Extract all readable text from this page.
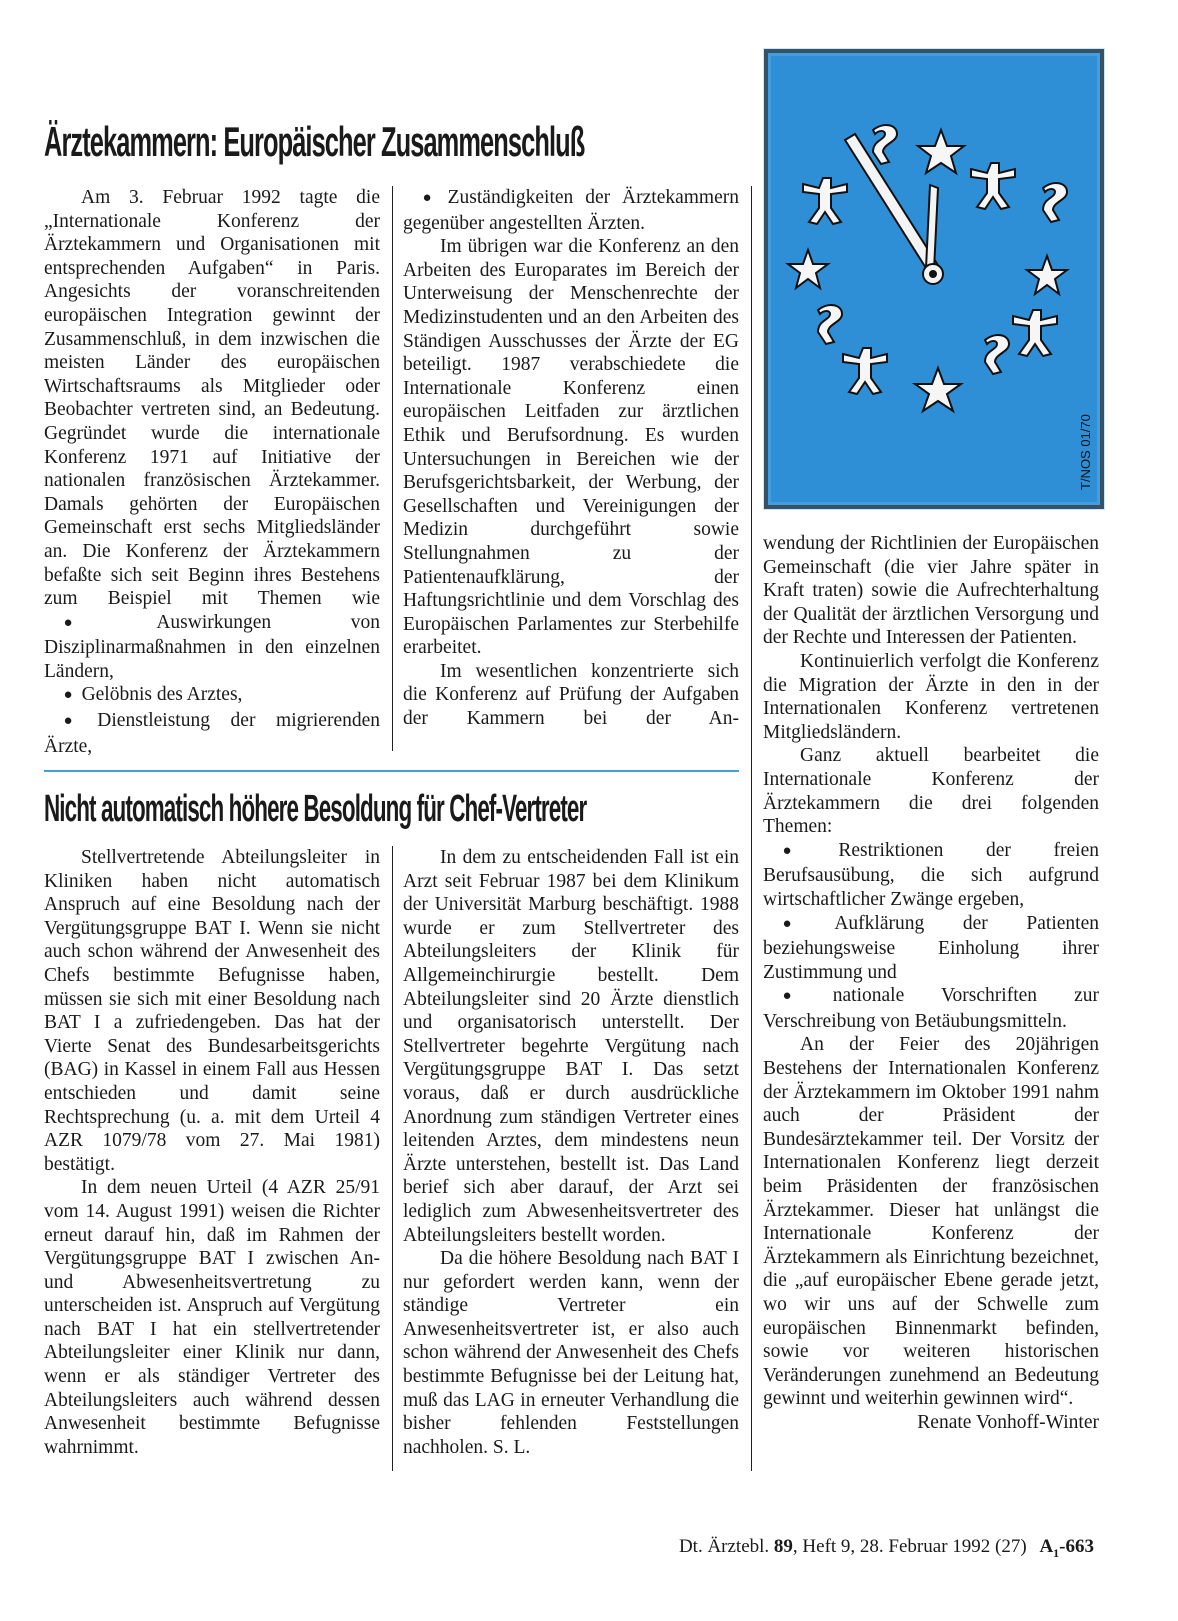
T/NOS 01/70
Ärztekammern: Europäischer Zusammenschluß

Am 3. Februar 1992 tagte die „Internationale Konferenz der Ärztekammern und Organisationen mit entsprechenden Aufgaben“ in Paris. Angesichts der voranschreitenden europäischen Integration gewinnt der Zusammenschluß, in dem inzwischen die meisten Länder des europäischen Wirtschaftsraums als Mitglieder oder Beobachter vertreten sind, an Bedeutung. Gegründet wurde die internationale Konferenz 1971 auf Initiative der nationalen französischen Ärztekammer. Damals gehörten der Europäischen Gemeinschaft erst sechs Mitgliedsländer an. Die Konferenz der Ärztekammern befaßte sich seit Beginn ihres Bestehens zum Beispiel mit Themen wie

● Auswirkungen von Disziplinarmaßnahmen in den einzelnen Ländern,

● Gelöbnis des Arztes,

● Dienstleistung der migrierenden Ärzte,

● Zuständigkeiten der Ärztekammern gegenüber angestellten Ärzten.

Im übrigen war die Konferenz an den Arbeiten des Europarates im Bereich der Unterweisung der Menschenrechte der Medizinstudenten und an den Arbeiten des Ständigen Ausschusses der Ärzte der EG beteiligt. 1987 verabschiedete die Internationale Konferenz einen europäischen Leitfaden zur ärztlichen Ethik und Berufsordnung. Es wurden Untersuchungen in Bereichen wie der Berufsgerichtsbarkeit, der Werbung, der Gesellschaften und Vereinigungen der Medizin durchgeführt sowie Stellungnahmen zu der Patientenaufklärung, der Haftungsrichtlinie und dem Vorschlag des Europäischen Parlamentes zur Sterbehilfe erarbeitet.

Im wesentlichen konzentrierte sich die Konferenz auf Prüfung der Aufgaben der Kammern bei der An-

wendung der Richtlinien der Europäischen Gemeinschaft (die vier Jahre später in Kraft traten) sowie die Aufrechterhaltung der Qualität der ärztlichen Versorgung und der Rechte und Interessen der Patienten.

Kontinuierlich verfolgt die Konferenz die Migration der Ärzte in den in der Internationalen Konferenz vertretenen Mitgliedsländern.

Ganz aktuell bearbeitet die Internationale Konferenz der Ärztekammern die drei folgenden Themen:

● Restriktionen der freien Berufsausübung, die sich aufgrund wirtschaftlicher Zwänge ergeben,

● Aufklärung der Patienten beziehungsweise Einholung ihrer Zustimmung und

● nationale Vorschriften zur Verschreibung von Betäubungsmitteln.

An der Feier des 20jährigen Bestehens der Internationalen Konferenz der Ärztekammern im Oktober 1991 nahm auch der Präsident der Bundesärztekammer teil. Der Vorsitz der Internationalen Konferenz liegt derzeit beim Präsidenten der französischen Ärztekammer. Dieser hat unlängst die Internationale Konferenz der Ärztekammern als Einrichtung bezeichnet, die „auf europäischer Ebene gerade jetzt, wo wir uns auf der Schwelle zum europäischen Binnenmarkt befinden, sowie vor weiteren historischen Veränderungen zunehmend an Bedeutung gewinnt und weiterhin gewinnen wird“.

Renate Vonhoff-Winter

Nicht automatisch höhere Besoldung für Chef-Vertreter

Stellvertretende Abteilungsleiter in Kliniken haben nicht automatisch Anspruch auf eine Besoldung nach der Vergütungsgruppe BAT I. Wenn sie nicht auch schon während der Anwesenheit des Chefs bestimmte Befugnisse haben, müssen sie sich mit einer Besoldung nach BAT I a zufriedengeben. Das hat der Vierte Senat des Bundesarbeitsgerichts (BAG) in Kassel in einem Fall aus Hessen entschieden und damit seine Rechtsprechung (u. a. mit dem Urteil 4 AZR 1079/78 vom 27. Mai 1981) bestätigt.

In dem neuen Urteil (4 AZR 25/91 vom 14. August 1991) weisen die Richter erneut darauf hin, daß im Rahmen der Vergütungsgruppe BAT I zwischen An- und Abwesenheitsvertretung zu unterscheiden ist. Anspruch auf Vergütung nach BAT I hat ein stellvertretender Abteilungsleiter einer Klinik nur dann, wenn er als ständiger Vertreter des Abteilungsleiters auch während dessen Anwesenheit bestimmte Befugnisse wahrnimmt.

In dem zu entscheidenden Fall ist ein Arzt seit Februar 1987 bei dem Klinikum der Universität Marburg beschäftigt. 1988 wurde er zum Stellvertreter des Abteilungsleiters der Klinik für Allgemeinchirurgie bestellt. Dem Abteilungsleiter sind 20 Ärzte dienstlich und organisatorisch unterstellt. Der Stellvertreter begehrte Vergütung nach Vergütungsgruppe BAT I. Das setzt voraus, daß er durch ausdrückliche Anordnung zum ständigen Vertreter eines leitenden Arztes, dem mindestens neun Ärzte unterstehen, bestellt ist. Das Land berief sich aber darauf, der Arzt sei lediglich zum Abwesenheitsvertreter des Abteilungsleiters bestellt worden.

Da die höhere Besoldung nach BAT I nur gefordert werden kann, wenn der ständige Vertreter ein Anwesenheitsvertreter ist, er also auch schon während der Anwesenheit des Chefs bestimmte Befugnisse bei der Leitung hat, muß das LAG in erneuter Verhandlung die bisher fehlenden Feststellungen nachholen. S. L.

Dt. Ärztebl. 89, Heft 9, 28. Februar 1992 (27) $A_1-663$
